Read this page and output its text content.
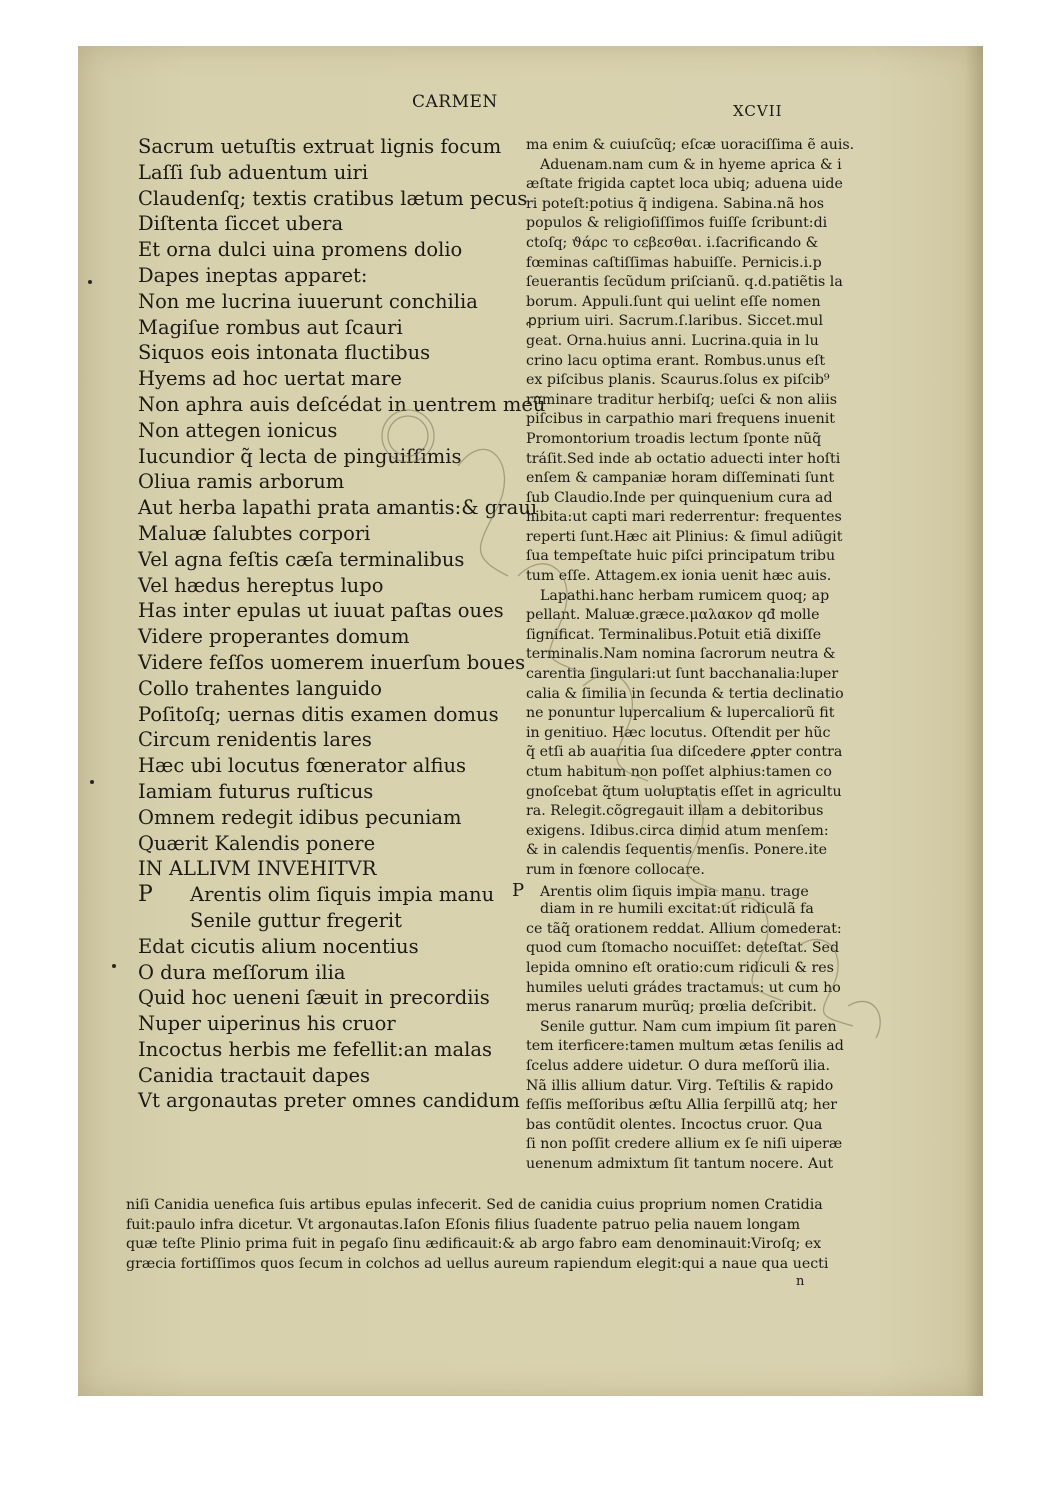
CARMEN	XCVII
Sacrum uetuſtis extruat lignis focum
Laſſi ſub aduentum uiri
Claudenſq; textis cratibus lætum pecus
Diſtenta ſiccet ubera
Et orna dulci uina promens dolio
Dapes ineptas apparet:
Non me lucrina iuuerunt conchilia
Magiſue rombus aut ſcauri
Siquos eois intonata fluctibus
Hyems ad hoc uertat mare
Non aphra auis deſcédat in uentrem meũ
Non attegen ionicus
Iucundior q̃ lecta de pinguiſſimis
Oliua ramis arborum
Aut herba lapathi prata amantis:& graui
Maluæ ſalubtes corpori
Vel agna feſtis cæſa terminalibus
Vel hædus hereptus lupo
Has inter epulas ut iuuat paſtas oues
Videre properantes domum
Videre feſſos uomerem inuerſum boues
Collo trahentes languido
Poſitoſq; uernas ditis examen domus
Circum renidentis lares
Hæc ubi locutus fœnerator alfius
Iamiam futurus ruſticus
Omnem redegit idibus pecuniam
Quærit Kalendis ponere
IN ALLIVM INVEHITVR
P Arentis olim ſiquis impia manu
Senile guttur fregerit
Edat cicutis alium nocentius
O dura meſſorum ilia
Quid hoc ueneni ſæuit in precordiis
Nuper uiperinus his cruor
Incoctus herbis me fefellit:an malas
Canidia tractauit dapes
Vt argonautas preter omnes candidum
ma enim & cuiuſcũq; eſcæ uoraciſſima ẽ auis.
Aduenam.nam cum & in hyeme aprica & i
æſtate frigida captet loca ubiq; aduena uide
ri poteſt:potius q̃ indigena. Sabina.nã hos
populos & religioſiſſimos fuiſſe ſcribunt:di
ctoſq; ϑάρϲ το ϲεβεσθαι. i.ſacrificando &
fœminas caſtiſſimas habuiſſe. Pernicis.i.p
ſeuerantis ſecũdum priſcianũ. q.d.patiẽtis la
borum. Appuli.ſunt qui uelint eſſe nomen
ꝓprium uiri. Sacrum.ſ.laribus. Siccet.mul
geat. Orna.huius anni. Lucrina.quia in lu
crino lacu optima erant. Rombus.unus eſt
ex piſcibus planis. Scaurus.ſolus ex piſcib⁹
ruminare traditur herbiſq; ueſci & non aliis
piſcibus in carpathio mari frequens inuenit
Promontorium troadis lectum ſponte nũq̃
tráſit.Sed inde ab octatio aduecti inter hoſti
enſem & campaniæ horam diſſeminati ſunt
ſub Claudio.Inde per quinquenium cura ad
hibita:ut capti mari rederrentur: frequentes
reperti ſunt.Hæc ait Plinius: & ſimul adiũgit
ſua tempeſtate huic piſci principatum tribu
tum eſſe. Attagem.ex ionia uenit hæc auis.
Lapathi.hanc herbam rumicem quoq; ap
pellant. Maluæ.græce.μαλακον qđ molle
ſignificat. Terminalibus.Potuit etiã dixiſſe
terminalis.Nam nomina ſacrorum neutra &
carentia ſingulari:ut ſunt bacchanalia:luper
calia & ſimilia in ſecunda & tertia declinatio
ne ponuntur lupercalium & lupercaliorũ fit
in genitiuo. Hæc locutus. Oſtendit per hũc
q̃ etſi ab auaritia ſua diſcedere ꝓpter contra
ctum habitum non poſſet alphius:tamen co
gnoſcebat q̃tum uoluptatis eſſet in agricultu
ra. Relegit.cõgregauit illam a debitoribus
exigens. Idibus.circa dimid atum menſem:
& in calendis ſequentis menſis. Ponere.ite
rum in fœnore collocare.
P Arentis olim ſiquis impia manu. trage
diam in re humili excitat:ut ridiculã fa
ce tãq̃ orationem reddat. Allium comederat:
quod cum ſtomacho nocuiſſet: deteſtat. Sed
lepida omnino eſt oratio:cum ridiculi & res
humiles ueluti grádes tractamus: ut cum ho
merus ranarum murũq; prœlia deſcribit.
Senile guttur. Nam cum impium ſit paren
tem iterficere:tamen multum ætas ſenilis ad
ſcelus addere uidetur. O dura meſſorũ ilia.
Nã illis allium datur. Virg. Teſtilis & rapido
feſſis meſſoribus æſtu Allia ſerpillũ atq; her
bas contũdit olentes. Incoctus cruor. Qua
ſi non poſſit credere allium ex ſe niſi uiperæ
uenenum admixtum ſit tantum nocere. Aut
niſi Canidia uenefica ſuis artibus epulas infecerit. Sed de canidia cuius proprium nomen Cratidia
fuit:paulo infra dicetur. Vt argonautas.Iaſon Eſonis filius ſuadente patruo pelia nauem longam
quæ teſte Plinio prima fuit in pegaſo ſinu ædificauit:& ab argo fabro eam denominauit:Viroſq; ex
græcia fortiſſimos quos ſecum in colchos ad uellus aureum rapiendum elegit:qui a naue qua uecti
n
